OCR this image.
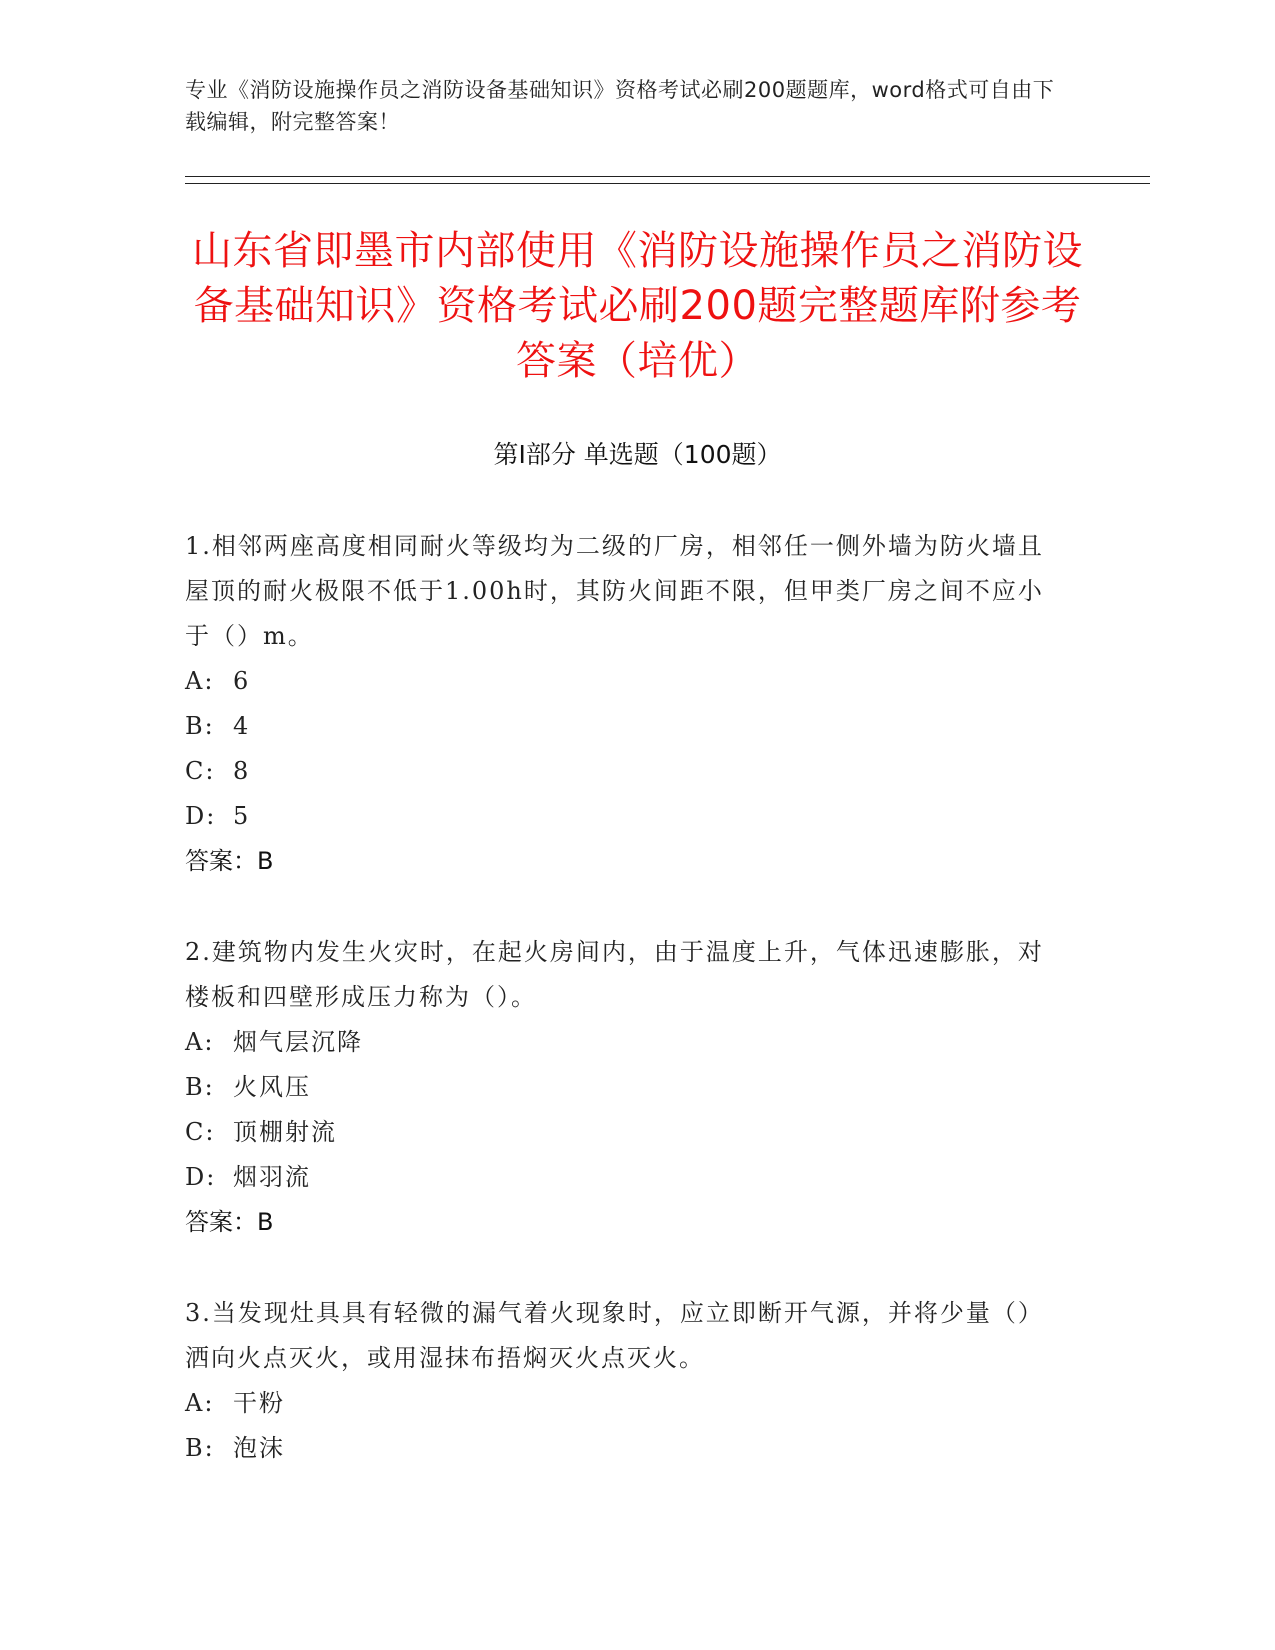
专业《消防设施操作员之消防设备基础知识》资格考试必刷200题题库，word格式可自由下载编辑，附完整答案！
山东省即墨市内部使用《消防设施操作员之消防设备基础知识》资格考试必刷200题完整题库附参考答案（培优）
第I部分 单选题（100题）
1.相邻两座高度相同耐火等级均为二级的厂房，相邻任一侧外墙为防火墙且屋顶的耐火极限不低于1.00h时，其防火间距不限，但甲类厂房之间不应小于（）m。
A: 6
B: 4
C: 8
D: 5
答案：B
2.建筑物内发生火灾时，在起火房间内，由于温度上升，气体迅速膨胀，对楼板和四壁形成压力称为（）。
A: 烟气层沉降
B: 火风压
C: 顶棚射流
D: 烟羽流
答案：B
3.当发现灶具具有轻微的漏气着火现象时，应立即断开气源，并将少量（）洒向火点灭火，或用湿抹布捂焖灭火点灭火。
A: 干粉
B: 泡沫
